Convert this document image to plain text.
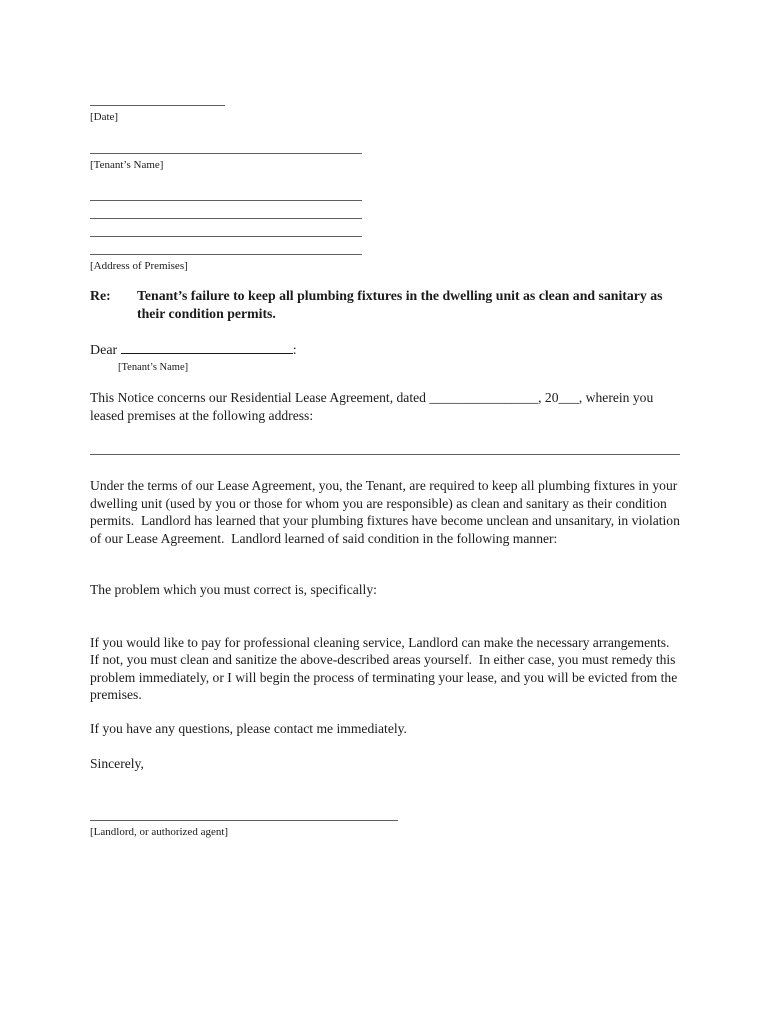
[Date]
[Tenant’s Name]
[Address of Premises]
Re:	Tenant’s failure to keep all plumbing fixtures in the dwelling unit as clean and sanitary as their condition permits.
Dear	:
[Tenant’s Name]

This Notice concerns our Residential Lease Agreement, dated ________________, 20___, wherein you leased premises at the following address:

Under the terms of our Lease Agreement, you, the Tenant, are required to keep all plumbing fixtures in your dwelling unit (used by you or those for whom you are responsible) as clean and sanitary as their condition permits.  Landlord has learned that your plumbing fixtures have become unclean and unsanitary, in violation of our Lease Agreement.  Landlord learned of said condition in the following manner:

The problem which you must correct is, specifically:

If you would like to pay for professional cleaning service, Landlord can make the necessary arrangements.  If not, you must clean and sanitize the above-described areas yourself.  In either case, you must remedy this problem immediately, or I will begin the process of terminating your lease, and you will be evicted from the premises.

If you have any questions, please contact me immediately.

Sincerely,

[Landlord, or authorized agent]
